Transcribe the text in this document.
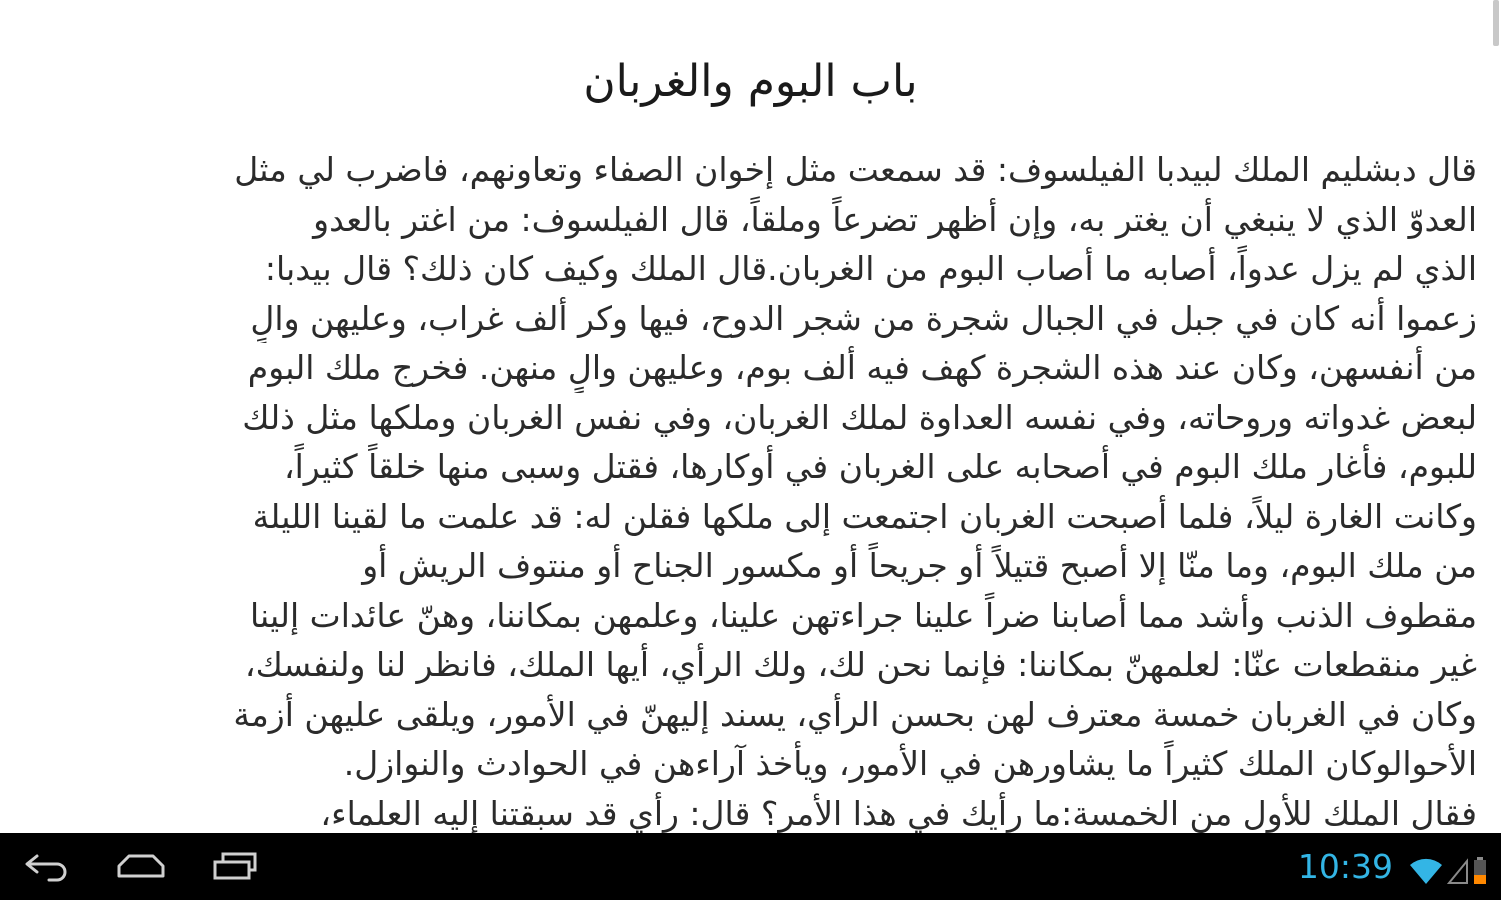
باب البوم والغربان
قال دبشليم الملك لبيدبا الفيلسوف: قد سمعت مثل إخوان الصفاء وتعاونهم، فاضرب لي مثل
العدوّ الذي لا ينبغي أن يغتر به، وإن أظهر تضرعاً وملقاً، قال الفيلسوف: من اغتر بالعدو
الذي لم يزل عدواً، أصابه ما أصاب البوم من الغربان.قال الملك وكيف كان ذلك؟ قال بيدبا:
زعموا أنه كان في جبل في الجبال شجرة من شجر الدوح، فيها وكر ألف غراب، وعليهن والٍ
من أنفسهن، وكان عند هذه الشجرة كهف فيه ألف بوم، وعليهن والٍ منهن. فخرج ملك البوم
لبعض غدواته وروحاته، وفي نفسه العداوة لملك الغربان، وفي نفس الغربان وملكها مثل ذلك
للبوم، فأغار ملك البوم في أصحابه على الغربان في أوكارها، فقتل وسبى منها خلقاً كثيراً،
وكانت الغارة ليلاً، فلما أصبحت الغربان اجتمعت إلى ملكها فقلن له: قد علمت ما لقينا الليلة
من ملك البوم، وما منّا إلا أصبح قتيلاً أو جريحاً أو مكسور الجناح أو منتوف الريش أو
مقطوف الذنب وأشد مما أصابنا ضراً علينا جراءتهن علينا، وعلمهن بمكاننا، وهنّ عائدات إلينا
غير منقطعات عنّا: لعلمهنّ بمكاننا: فإنما نحن لك، ولك الرأي، أيها الملك، فانظر لنا ولنفسك،
وكان في الغربان خمسة معترف لهن بحسن الرأي، يسند إليهنّ في الأمور، ويلقى عليهن أزمة
الأحوالوكان الملك كثيراً ما يشاورهن في الأمور، ويأخذ آراءهن في الحوادث والنوازل.
فقال الملك للأول من الخمسة:ما رأيك في هذا الأمر؟ قال: رأي قد سبقتنا إليه العلماء،
10:39
